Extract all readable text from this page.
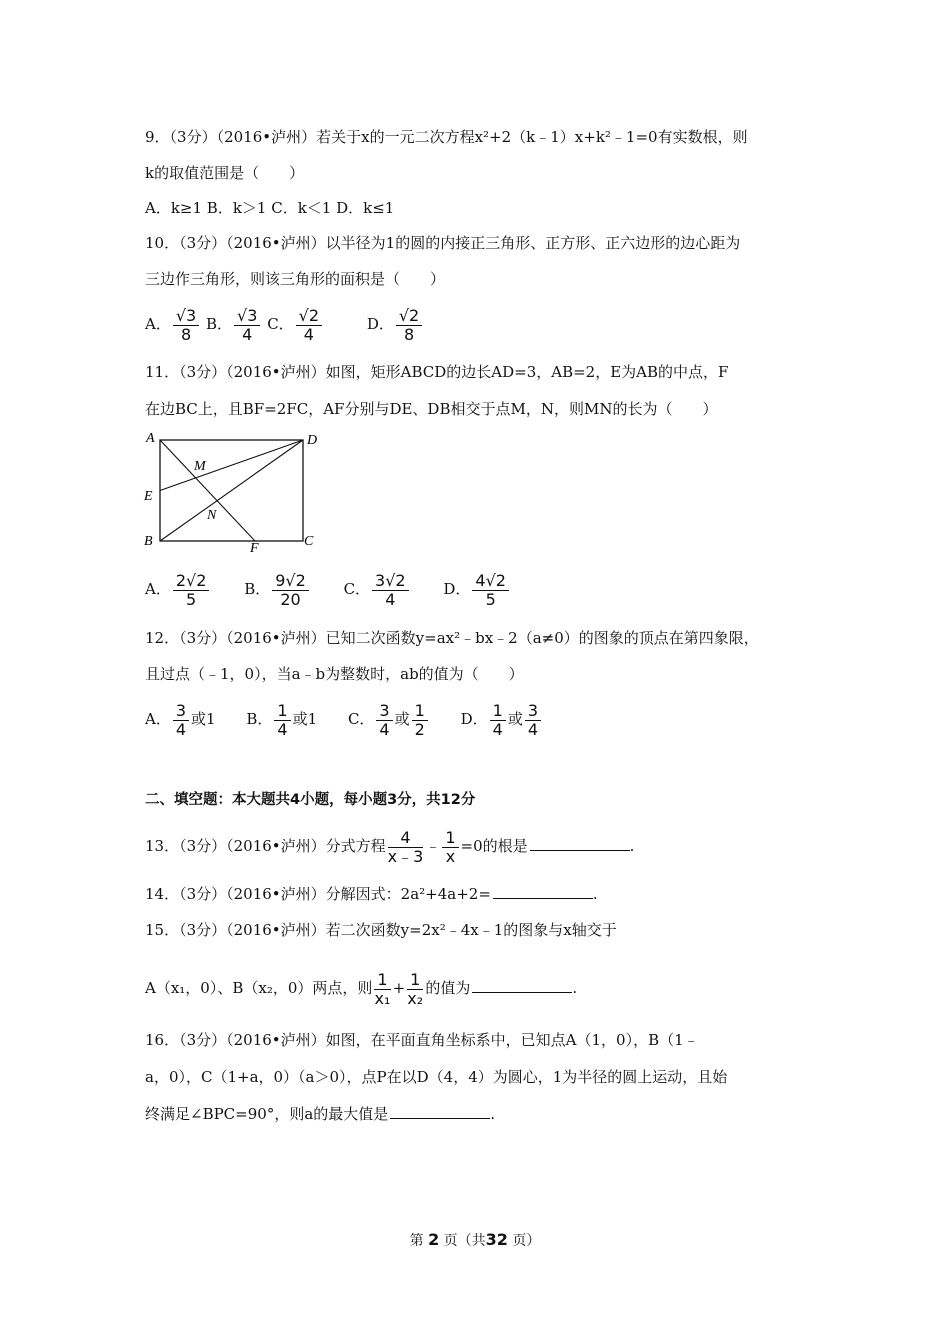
9．（3分）（2016•泸州）若关于x的一元二次方程x²+2（k﹣1）x+k²﹣1=0有实数根，则
k的取值范围是（　　）
A．k≥1 B．k＞1 C．k＜1 D．k≤1
10．（3分）（2016•泸州）以半径为1的圆的内接正三角形、正方形、正六边形的边心距为
三边作三角形，则该三角形的面积是（　　）
A． $\frac{√3}{8}$ B． $\frac{√3}{4}$ C． $\frac{√2}{4}$	D． $\frac{√2}{8}$
11．（3分）（2016•泸州）如图，矩形ABCD的边长AD=3，AB=2，E为AB的中点，F
在边BC上，且BF=2FC，AF分别与DE、DB相交于点M，N，则MN的长为（　　）
A	D
E
M
N
B	F	C
A． $\frac{2√2}{5}$ B． $\frac{9√2}{20}$ C． $\frac{3√2}{4}$ D． $\frac{4√2}{5}$
12．（3分）（2016•泸州）已知二次函数y=ax²﹣bx﹣2（a≠0）的图象的顶点在第四象限，
且过点（﹣1，0），当a﹣b为整数时，ab的值为（　　）
A． $\frac{3}{4}$ 或1 B． $\frac{1}{4}$ 或1 C． $\frac{3}{4}$ 或 $\frac{1}{2}$ D． $\frac{1}{4}$ 或 $\frac{3}{4}$
二、填空题：本大题共4小题，每小题3分，共12分
13．（3分）（2016•泸州）分式方程 $\frac{4}{x﹣3}$ ﹣ $\frac{1}{x} =0$的根是	.
14．（3分）（2016•泸州）分解因式：2a²+4a+2=	.
15．（3分）（2016•泸州）若二次函数y=2x²﹣4x﹣1的图象与x轴交于
A（x₁，0）、B（x₂，0）两点，则 $\frac{1}{\text{x₁}} + \frac{1}{\text{x₂}}$ 的值为	.
16．（3分）（2016•泸州）如图，在平面直角坐标系中，已知点A（1，0），B（1﹣
a，0），C（1+a，0）（a＞0），点P在以D（4，4）为圆心，1为半径的圆上运动，且始
终满足∠BPC=90°，则a的最大值是	.
第 2 页（共32 页）
